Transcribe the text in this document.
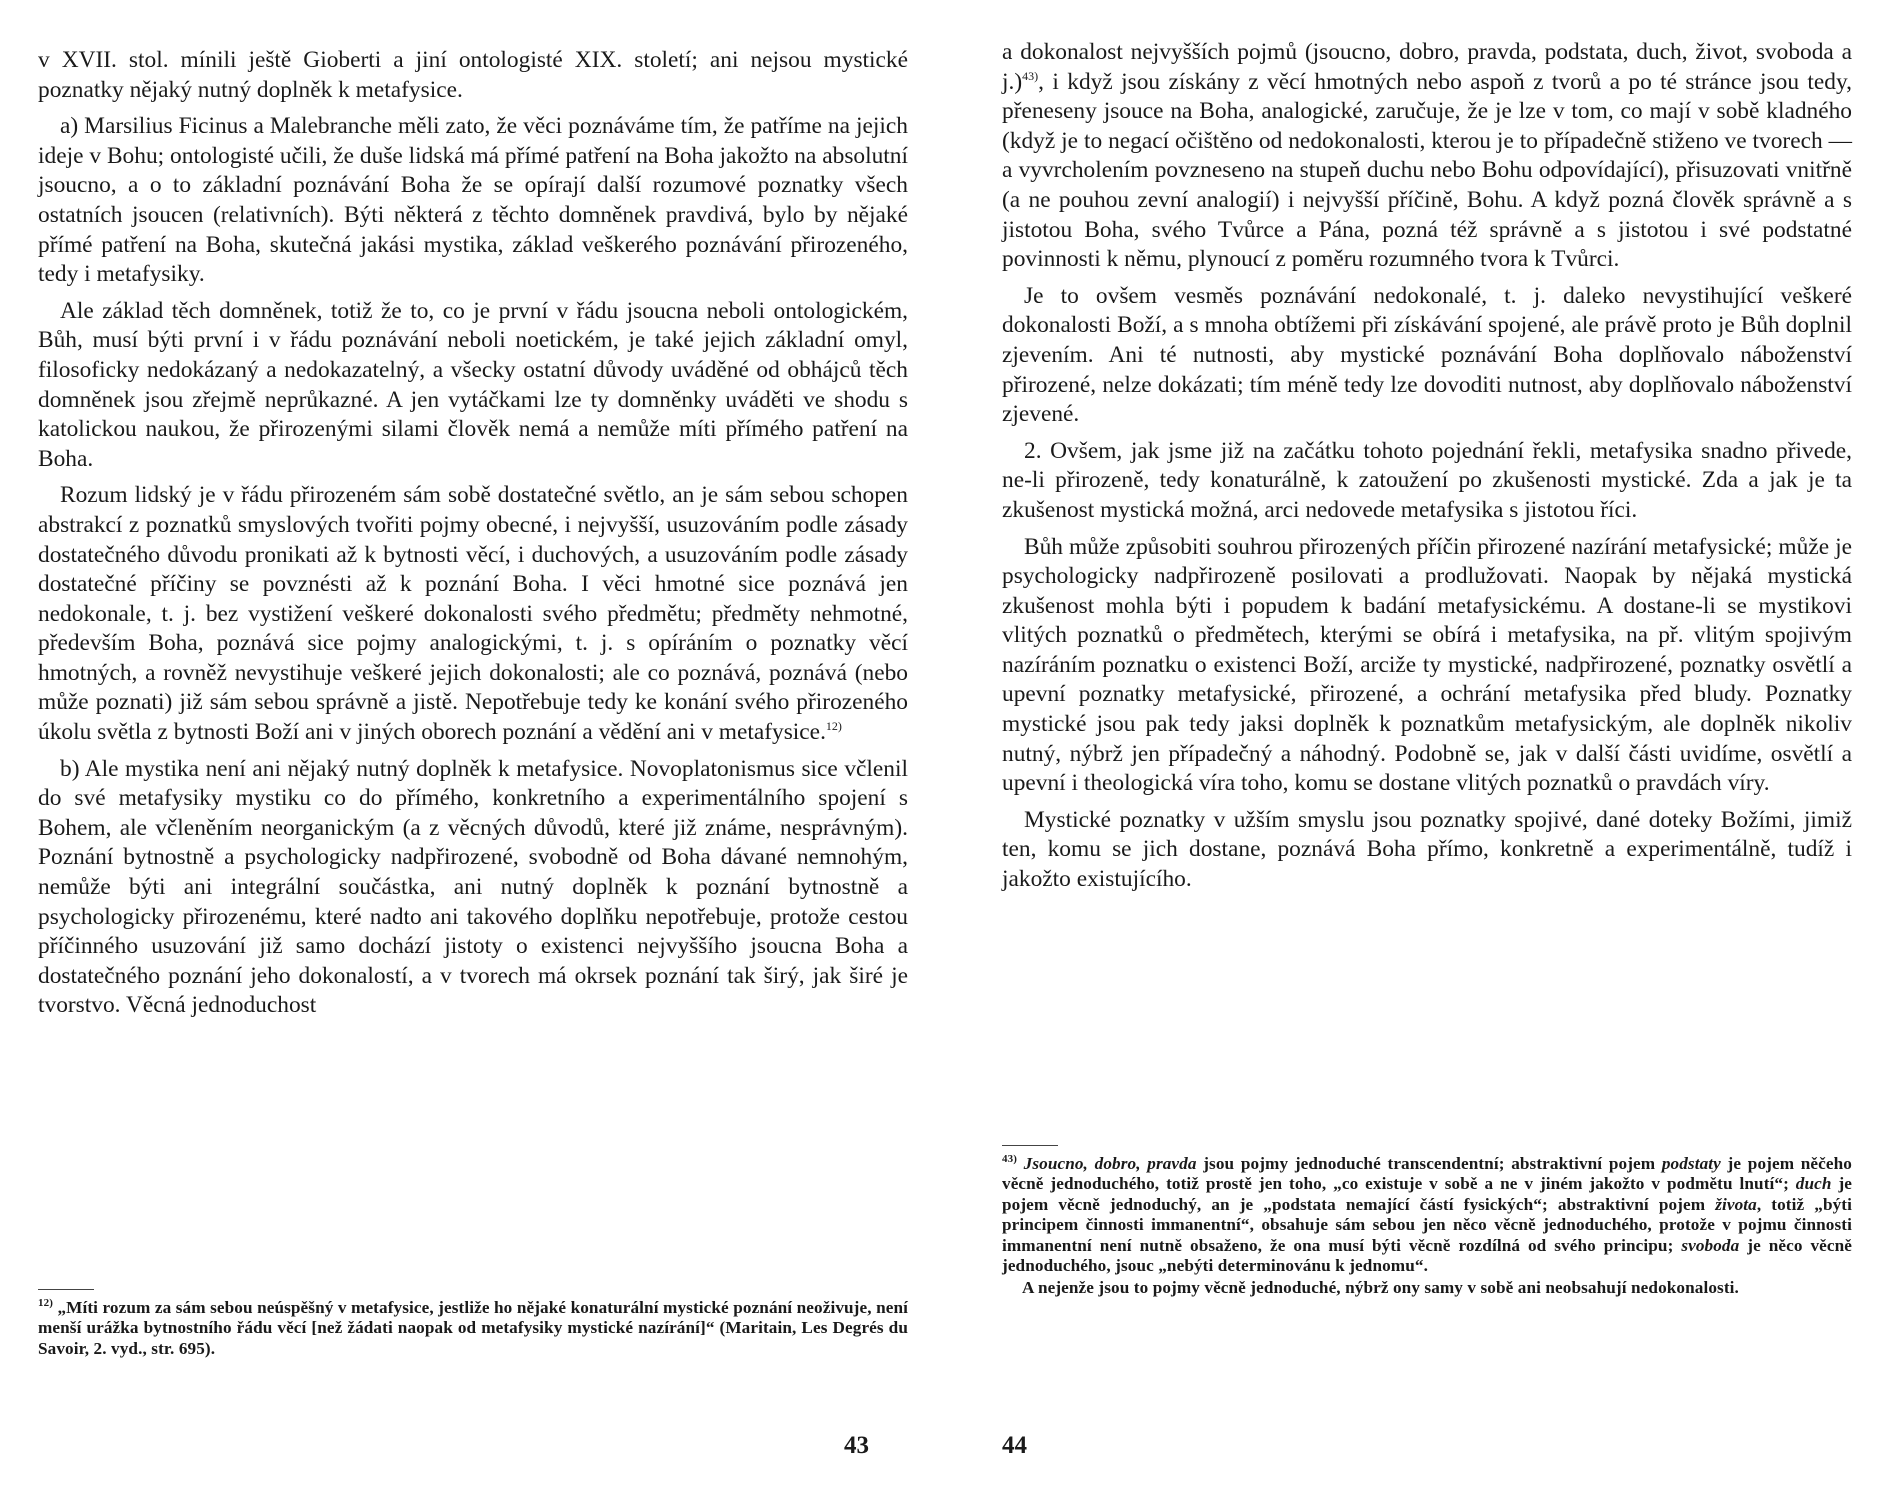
v XVII. stol. mínili ještě Gioberti a jiní ontologisté XIX. století; ani nejsou mystické poznatky nějaký nutný doplněk k metafysice.

a) Marsilius Ficinus a Malebranche měli zato, že věci poznáváme tím, že patříme na jejich ideje v Bohu; ontologisté učili, že duše lidská má přímé patření na Boha jakožto na absolutní jsoucno, a o to základní poznávání Boha že se opírají další rozumové poznatky všech ostatních jsoucen (relativních). Býti některá z těchto domněnek pravdivá, bylo by nějaké přímé patření na Boha, skutečná jakási mystika, základ veškerého poznávání přirozeného, tedy i metafysiky.

Ale základ těch domněnek, totiž že to, co je první v řádu jsoucna neboli ontologickém, Bůh, musí býti první i v řádu poznávání neboli noetickém, je také jejich základní omyl, filosoficky nedokázaný a nedokazatelný, a všecky ostatní důvody uváděné od obhájců těch domněnek jsou zřejmě neprůkazné. A jen vytáčkami lze ty domněnky uváděti ve shodu s katolickou naukou, že přirozenými silami člověk nemá a nemůže míti přímého patření na Boha.

Rozum lidský je v řádu přirozeném sám sobě dostatečné světlo, an je sám sebou schopen abstrakcí z poznatků smyslových tvořiti pojmy obecné, i nejvyšší, usuzováním podle zásady dostatečného důvodu pronikati až k bytnosti věcí, i duchových, a usuzováním podle zásady dostatečné příčiny se povznésti až k poznání Boha. I věci hmotné sice poznává jen nedokonale, t. j. bez vystižení veškeré dokonalosti svého předmětu; předměty nehmotné, především Boha, poznává sice pojmy analogickými, t. j. s opíráním o poznatky věcí hmotných, a rovněž nevystihuje veškeré jejich dokonalosti; ale co poznává, poznává (nebo může poznati) již sám sebou správně a jistě. Nepotřebuje tedy ke konání svého přirozeného úkolu světla z bytnosti Boží ani v jiných oborech poznání a vědění ani v metafysice.$^{12)}$

b) Ale mystika není ani nějaký nutný doplněk k metafysice. Novoplatonismus sice včlenil do své metafysiky mystiku co do přímého, konkretního a experimentálního spojení s Bohem, ale včleněním neorganickým (a z věcných důvodů, které již známe, nesprávným). Poznání bytnostně a psychologicky nadpřirozené, svobodně od Boha dávané nemnohým, nemůže býti ani integrální součástka, ani nutný doplněk k poznání bytnostně a psychologicky přirozenému, které nadto ani takového doplňku nepotřebuje, protože cestou příčinného usuzování již samo dochází jistoty o existenci nejvyššího jsoucna Boha a dostatečného poznání jeho dokonalostí, a v tvorech má okrsek poznání tak širý, jak širé je tvorstvo. Věcná jednoduchost

$^{12)}$ „Míti rozum za sám sebou neúspěšný v metafysice, jestliže ho nějaké konaturální mystické poznání neoživuje, není menší urážka bytnostního řádu věcí [než žádati naopak od metafysiky mystické nazírání]“ (Maritain, Les Degrés du Savoir, 2. vyd., str. 695).

43

a dokonalost nejvyšších pojmů (jsoucno, dobro, pravda, podstata, duch, život, svoboda a j.)$^{43)}$, i když jsou získány z věcí hmotných nebo aspoň z tvorů a po té stránce jsou tedy, přeneseny jsouce na Boha, analogické, zaručuje, že je lze v tom, co mají v sobě kladného (když je to negací očištěno od nedokonalosti, kterou je to případečně stiženo ve tvorech — a vyvrcholením povzneseno na stupeň duchu nebo Bohu odpovídající), přisuzovati vnitřně (a ne pouhou zevní analogií) i nejvyšší příčině, Bohu. A když pozná člověk správně a s jistotou Boha, svého Tvůrce a Pána, pozná též správně a s jistotou i své podstatné povinnosti k němu, plynoucí z poměru rozumného tvora k Tvůrci.

Je to ovšem vesměs poznávání nedokonalé, t. j. daleko nevystihující veškeré dokonalosti Boží, a s mnoha obtížemi při získávání spojené, ale právě proto je Bůh doplnil zjevením. Ani té nutnosti, aby mystické poznávání Boha doplňovalo náboženství přirozené, nelze dokázati; tím méně tedy lze dovoditi nutnost, aby doplňovalo náboženství zjevené.

2. Ovšem, jak jsme již na začátku tohoto pojednání řekli, metafysika snadno přivede, ne-li přirozeně, tedy konaturálně, k zatoužení po zkušenosti mystické. Zda a jak je ta zkušenost mystická možná, arci nedovede metafysika s jistotou říci.

Bůh může způsobiti souhrou přirozených příčin přirozené nazírání metafysické; může je psychologicky nadpřirozeně posilovati a prodlužovati. Naopak by nějaká mystická zkušenost mohla býti i popudem k badání metafysickému. A dostane-li se mystikovi vlitých poznatků o předmětech, kterými se obírá i metafysika, na př. vlitým spojivým nazíráním poznatku o existenci Boží, arciže ty mystické, nadpřirozené, poznatky osvětlí a upevní poznatky metafysické, přirozené, a ochrání metafysika před bludy. Poznatky mystické jsou pak tedy jaksi doplněk k poznatkům metafysickým, ale doplněk nikoliv nutný, nýbrž jen případečný a náhodný. Podobně se, jak v další části uvidíme, osvětlí a upevní i theologická víra toho, komu se dostane vlitých poznatků o pravdách víry.

Mystické poznatky v užším smyslu jsou poznatky spojivé, dané doteky Božími, jimiž ten, komu se jich dostane, poznává Boha přímo, konkretně a experimentálně, tudíž i jakožto existujícího.

$^{43)}$ Jsoucno, dobro, pravda jsou pojmy jednoduché transcendentní; abstraktivní pojem podstaty je pojem něčeho věcně jednoduchého, totiž prostě jen toho, „co existuje v sobě a ne v jiném jakožto v podmětu lnutí“; duch je pojem věcně jednoduchý, an je „podstata nemající částí fysických“; abstraktivní pojem života, totiž „býti principem činnosti immanentní“, obsahuje sám sebou jen něco věcně jednoduchého, protože v pojmu činnosti immanentní není nutně obsaženo, že ona musí býti věcně rozdílná od svého principu; svoboda je něco věcně jednoduchého, jsouc „nebýti determinovánu k jednomu“.

A nejenže jsou to pojmy věcně jednoduché, nýbrž ony samy v sobě ani neobsahují nedokonalosti.

44
